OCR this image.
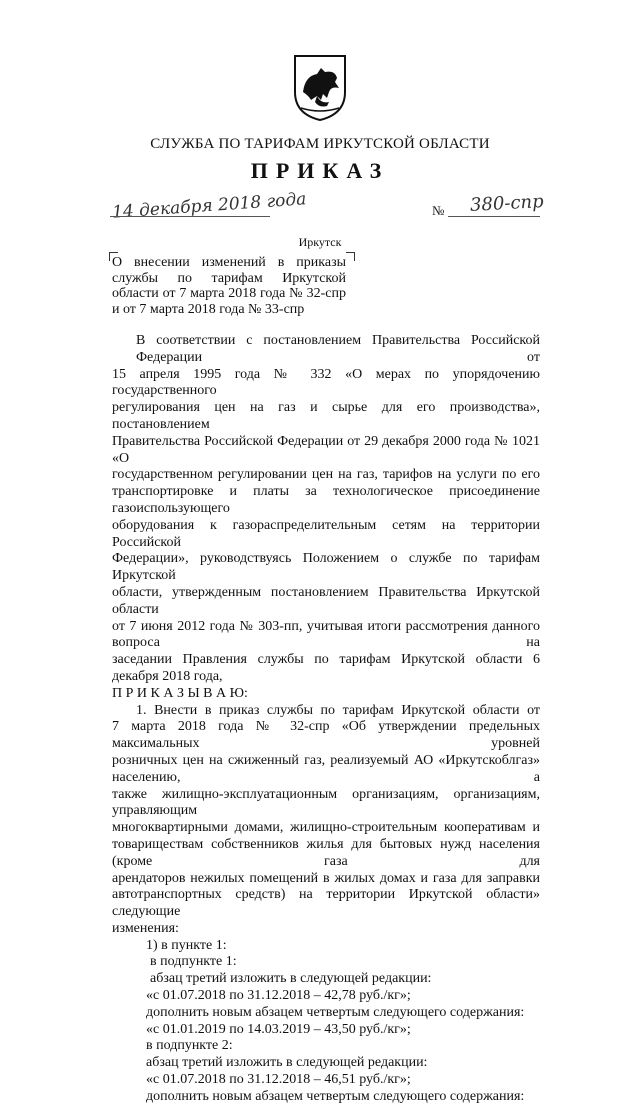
СЛУЖБА ПО ТАРИФАМ ИРКУТСКОЙ ОБЛАСТИ
ПРИКАЗ
14 декабря 2018 года	№ 380-спр
Иркутск
О внесении изменений в приказы службы по тарифам Иркутской области от 7 марта 2018 года № 32-спр и от 7 марта 2018 года № 33-спр

В соответствии с постановлением Правительства Российской Федерации от

15 апреля 1995 года № 332 «О мерах по упорядочению государственного

регулирования цен на газ и сырье для его производства», постановлением

Правительства Российской Федерации от 29 декабря 2000 года № 1021 «О

государственном регулировании цен на газ, тарифов на услуги по его

транспортировке и платы за технологическое присоединение газоиспользующего

оборудования к газораспределительным сетям на территории Российской

Федерации», руководствуясь Положением о службе по тарифам Иркутской

области, утвержденным постановлением Правительства Иркутской области

от 7 июня 2012 года № 303-пп, учитывая итоги рассмотрения данного вопроса на

заседании Правления службы по тарифам Иркутской области 6 декабря 2018 года,

П Р И К А З Ы В А Ю:

1. Внести в приказ службы по тарифам Иркутской области от

7 марта 2018 года № 32-спр «Об утверждении предельных максимальных уровней

розничных цен на сжиженный газ, реализуемый АО «Иркутскоблгаз» населению, а

также жилищно-эксплуатационным организациям, организациям, управляющим

многоквартирными домами, жилищно-строительным кооперативам и

товариществам собственников жилья для бытовых нужд населения (кроме газа для

арендаторов нежилых помещений в жилых домах и газа для заправки

автотранспортных средств) на территории Иркутской области» следующие

изменения:

1) в пункте 1:

в подпункте 1:

абзац третий изложить в следующей редакции:

«с 01.07.2018 по 31.12.2018 – 42,78 руб./кг»;

дополнить новым абзацем четвертым следующего содержания:

«с 01.01.2019 по 14.03.2019 – 43,50 руб./кг»;

в подпункте 2:

абзац третий изложить в следующей редакции:

«с 01.07.2018 по 31.12.2018 – 46,51 руб./кг»;

дополнить новым абзацем четвертым следующего содержания:
